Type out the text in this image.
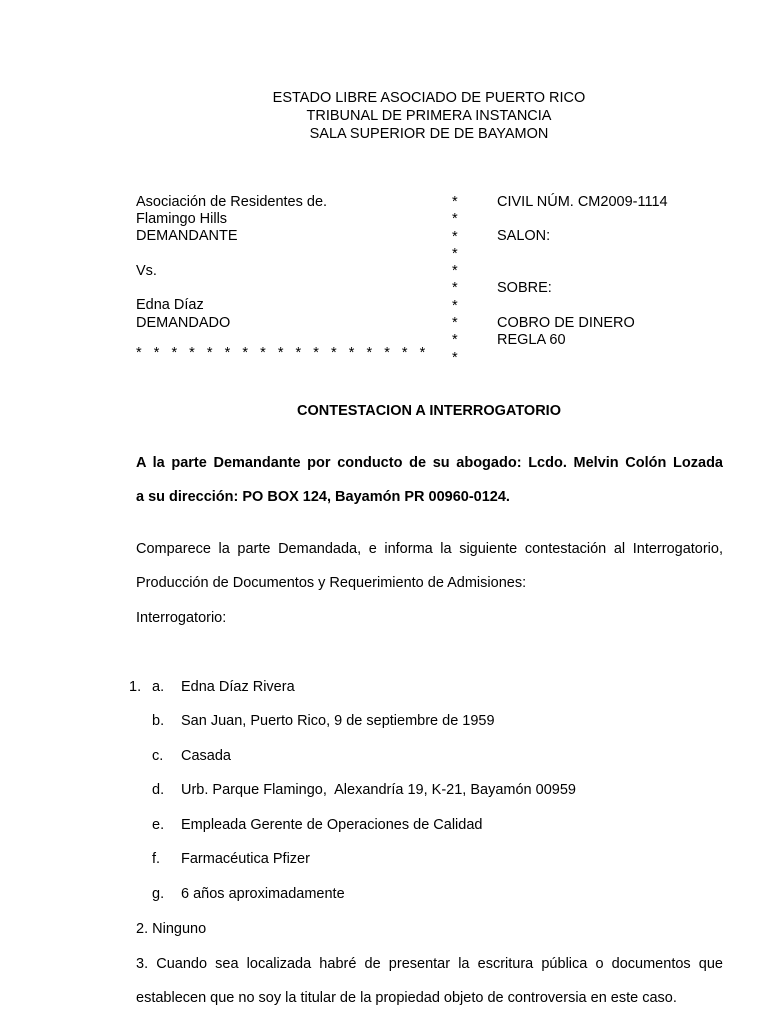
ESTADO LIBRE ASOCIADO DE PUERTO RICO
TRIBUNAL DE PRIMERA INSTANCIA
SALA SUPERIOR DE DE BAYAMON
Asociación de Residentes de.
Flamingo Hills
DEMANDANTE
Vs.
Edna Díaz
DEMANDADO
*   *   *   *   *   *   *   *   *   *   *   *   *   *   *   *   *
*
*
*
*
*
*
*
*
*
*
CIVIL NÚM. CM2009-1114
SALON:
SOBRE:
COBRO DE DINERO
REGLA 60
CONTESTACION A INTERROGATORIO
A la parte Demandante por conducto de su abogado: Lcdo. Melvin Colón Lozada
a su dirección: PO BOX 124, Bayamón PR 00960-0124.
Comparece la parte Demandada, e informa la siguiente contestación al Interrogatorio,
Producción de Documentos y Requerimiento de Admisiones:
Interrogatorio:
1. a. Edna Díaz Rivera
b. San Juan, Puerto Rico, 9 de septiembre de 1959
c. Casada
d. Urb. Parque Flamingo,  Alexandría 19, K-21, Bayamón 00959
e. Empleada Gerente de Operaciones de Calidad
f. Farmacéutica Pfizer
g. 6 años aproximadamente
2. Ninguno
3. Cuando sea localizada habré de presentar la escritura pública o documentos que
establecen que no soy la titular de la propiedad objeto de controversia en este caso.
